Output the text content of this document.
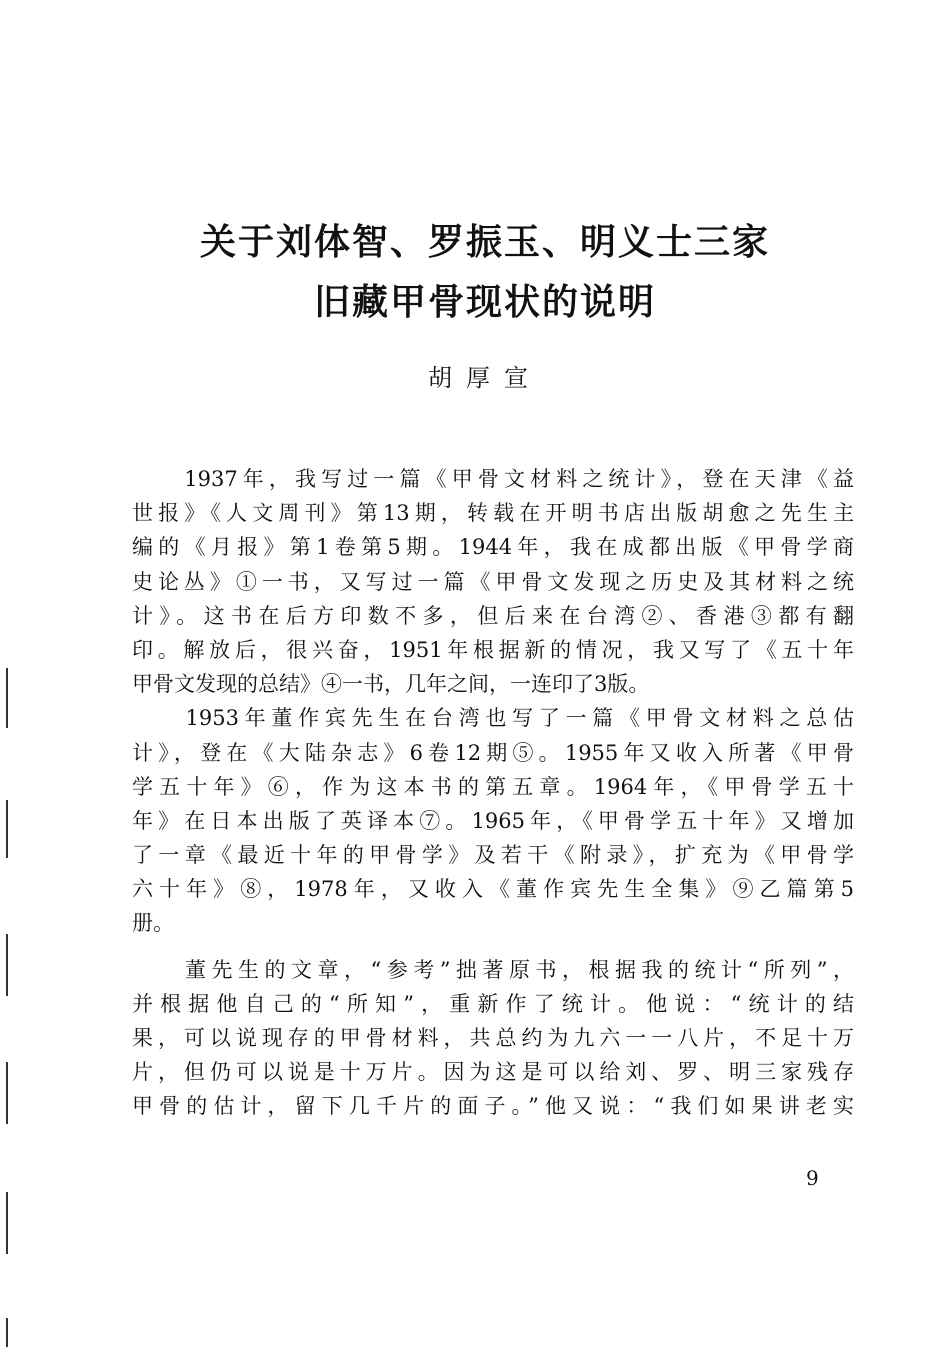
关于刘体智、罗振玉、明义士三家
旧藏甲骨现状的说明
胡厚宣
　　1937年，我写过一篇《甲骨文材料之统计》，登在天津《益
世报》《人文周刊》第13期，转载在开明书店出版胡愈之先生主
编的《月报》第1卷第5期。1944年，我在成都出版《甲骨学商
史论丛》①一书，又写过一篇《甲骨文发现之历史及其材料之统
计》。这书在后方印数不多，但后来在台湾②、香港③都有翻
印。解放后，很兴奋，1951年根据新的情况，我又写了《五十年
甲骨文发现的总结》④一书，几年之间，一连印了3版。
　　1953年董作宾先生在台湾也写了一篇《甲骨文材料之总估
计》，登在《大陆杂志》6卷12期⑤。1955年又收入所著《甲骨
学五十年》⑥，作为这本书的第五章。1964年，《甲骨学五十
年》在日本出版了英译本⑦。1965年，《甲骨学五十年》又增加
了一章《最近十年的甲骨学》及若干《附录》，扩充为《甲骨学
六十年》⑧，1978年，又收入《董作宾先生全集》⑨乙篇第5
册。
　　董先生的文章，“参考”拙著原书，根据我的统计“所列”，
并根据他自己的“所知”，重新作了统计。他说：“统计的结
果，可以说现存的甲骨材料，共总约为九六一一八片，不足十万
片，但仍可以说是十万片。因为这是可以给刘、罗、明三家残存
甲骨的估计，留下几千片的面子。”他又说：“我们如果讲老实
9
